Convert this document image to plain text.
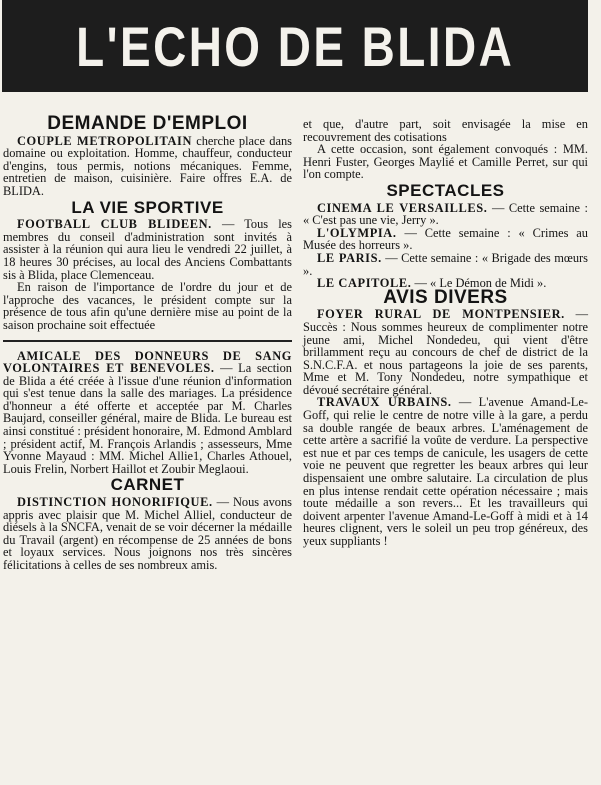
L'ECHO DE BLIDA
DEMANDE D'EMPLOI

COUPLE METROPOLITAIN cherche place dans domaine ou exploitation. Homme, chauffeur, conducteur d'engins, tous permis, notions mécaniques. Femme, entretien de maison, cuisinière. Faire offres E.A. de BLIDA.

LA VIE SPORTIVE

FOOTBALL CLUB BLIDEEN. — Tous les membres du conseil d'administration sont invités à assister à la réunion qui aura lieu le vendredi 22 juillet, à 18 heures 30 précises, au local des Anciens Combattants sis à Blida, place Clemenceau.

En raison de l'importance de l'ordre du jour et de l'approche des vacances, le président compte sur la présence de tous afin qu'une dernière mise au point de la saison prochaine soit effectuée

AMICALE DES DONNEURS DE SANG VOLONTAIRES ET BENEVOLES. — La section de Blida a été créée à l'issue d'une réunion d'information qui s'est tenue dans la salle des mariages. La présidence d'honneur a été offerte et acceptée par M. Charles Baujard, conseiller général, maire de Blida. Le bureau est ainsi constitué : président honoraire, M. Edmond Amblard ; président actif, M. François Arlandis ; assesseurs, Mme Yvonne Mayaud : MM. Michel Allie1, Charles Athouel, Louis Frelin, Norbert Haillot et Zoubir Meglaoui.

CARNET

DISTINCTION HONORIFIQUE. — Nous avons appris avec plaisir que M. Michel Alliel, conducteur de diésels à la SNCFA, venait de se voir décerner la médaille du Travail (argent) en récompense de 25 années de bons et loyaux services. Nous joignons nos très sincères félicitations à celles de ses nombreux amis.

et que, d'autre part, soit envisagée la mise en recouvrement des cotisations

A cette occasion, sont également convoqués : MM. Henri Fuster, Georges Maylié et Camille Perret, sur qui l'on compte.

SPECTACLES

CINEMA LE VERSAILLES. — Cette semaine : « C'est pas une vie, Jerry ».

L'OLYMPIA. — Cette semaine : « Crimes au Musée des horreurs ».

LE PARIS. — Cette semaine : « Brigade des mœurs ».

LE CAPITOLE. — « Le Démon de Midi ».

AVIS DIVERS

FOYER RURAL DE MONTPENSIER. — Succès : Nous sommes heureux de complimenter notre jeune ami, Michel Nondedeu, qui vient d'être brillamment reçu au concours de chef de district de la S.N.C.F.A. et nous partageons la joie de ses parents, Mme et M. Tony Nondedeu, notre sympathique et dévoué secrétaire général.

TRAVAUX URBAINS. — L'avenue Amand-Le-Goff, qui relie le centre de notre ville à la gare, a perdu sa double rangée de beaux arbres. L'aménagement de cette artère a sacrifié la voûte de verdure. La perspective est nue et par ces temps de canicule, les usagers de cette voie ne peuvent que regretter les beaux arbres qui leur dispensaient une ombre salutaire. La circulation de plus en plus intense rendait cette opération nécessaire ; mais toute médaille a son revers... Et les travailleurs qui doivent arpenter l'avenue Amand-Le-Goff à midi et à 14 heures clignent, vers le soleil un peu trop généreux, des yeux suppliants !
